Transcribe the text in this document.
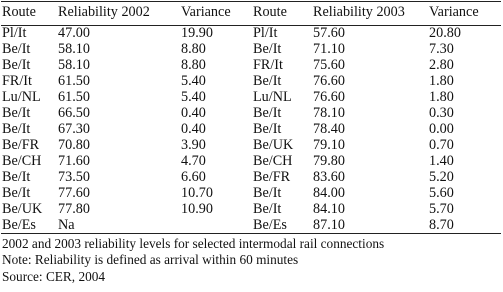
Route	Reliability 2002	Variance	Route	Reliability 2003	Variance
Pl/It	47.00	19.90	Pl/It	57.60	20.80
Be/It	58.10	8.80	Be/It	71.10	7.30
Be/It	58.10	8.80	FR/It	75.60	2.80
FR/It	61.50	5.40	Be/It	76.60	1.80
Lu/NL	61.50	5.40	Lu/NL	76.60	1.80
Be/It	66.50	0.40	Be/It	78.10	0.30
Be/It	67.30	0.40	Be/It	78.40	0.00
Be/FR	70.80	3.90	Be/UK	79.10	0.70
Be/CH	71.60	4.70	Be/CH	79.80	1.40
Be/It	73.50	6.60	Be/FR	83.60	5.20
Be/It	77.60	10.70	Be/It	84.00	5.60
Be/UK	77.80	10.90	Be/It	84.10	5.70
Be/Es	Na		Be/Es	87.10	8.70
2002 and 2003 reliability levels for selected intermodal rail connections
Note: Reliability is defined as arrival within 60 minutes
Source: CER, 2004
